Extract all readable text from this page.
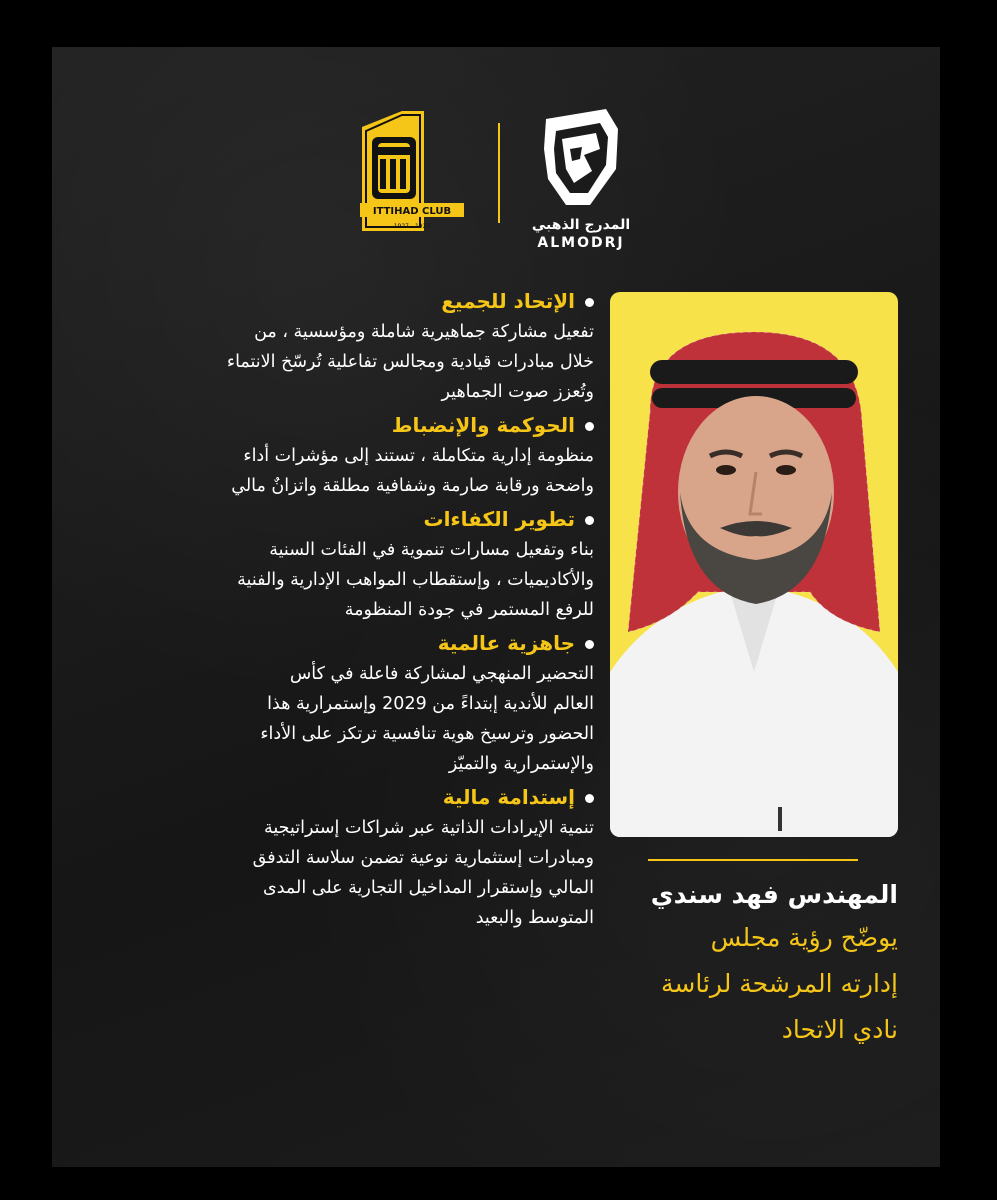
ITTIHAD CLUB
1927 - 1927	المدرج الذهبي
ALMODRJ

الإتحاد للجميع

تفعيل مشاركة جماهيرية شاملة ومؤسسية ، من

خلال مبادرات قيادية ومجالس تفاعلية تُرسّخ الانتماء

وتُعزز صوت الجماهير

الحوكمة والإنضباط

منظومة إدارية متكاملة ، تستند إلى مؤشرات أداء

واضحة ورقابة صارمة وشفافية مطلقة واتزانٌ مالي

تطوير الكفاءات

بناء وتفعيل مسارات تنموية في الفئات السنية

والأكاديميات ، وإستقطاب المواهب الإدارية والفنية

للرفع المستمر في جودة المنظومة

جاهزية عالمية

التحضير المنهجي لمشاركة فاعلة في كأس

العالم للأندية إبتداءً من 2029 وإستمرارية هذا

الحضور وترسيخ هوية تنافسية ترتكز على الأداء

والإستمرارية والتميّز

إستدامة مالية

تنمية الإيرادات الذاتية عبر شراكات إستراتيجية

ومبادرات إستثمارية نوعية تضمن سلاسة التدفق

المالي وإستقرار المداخيل التجارية على المدى

المتوسط والبعيد

المهندس فهد سندي

يوضّح رؤية مجلس

إدارته المرشحة لرئاسة

نادي الاتحاد
